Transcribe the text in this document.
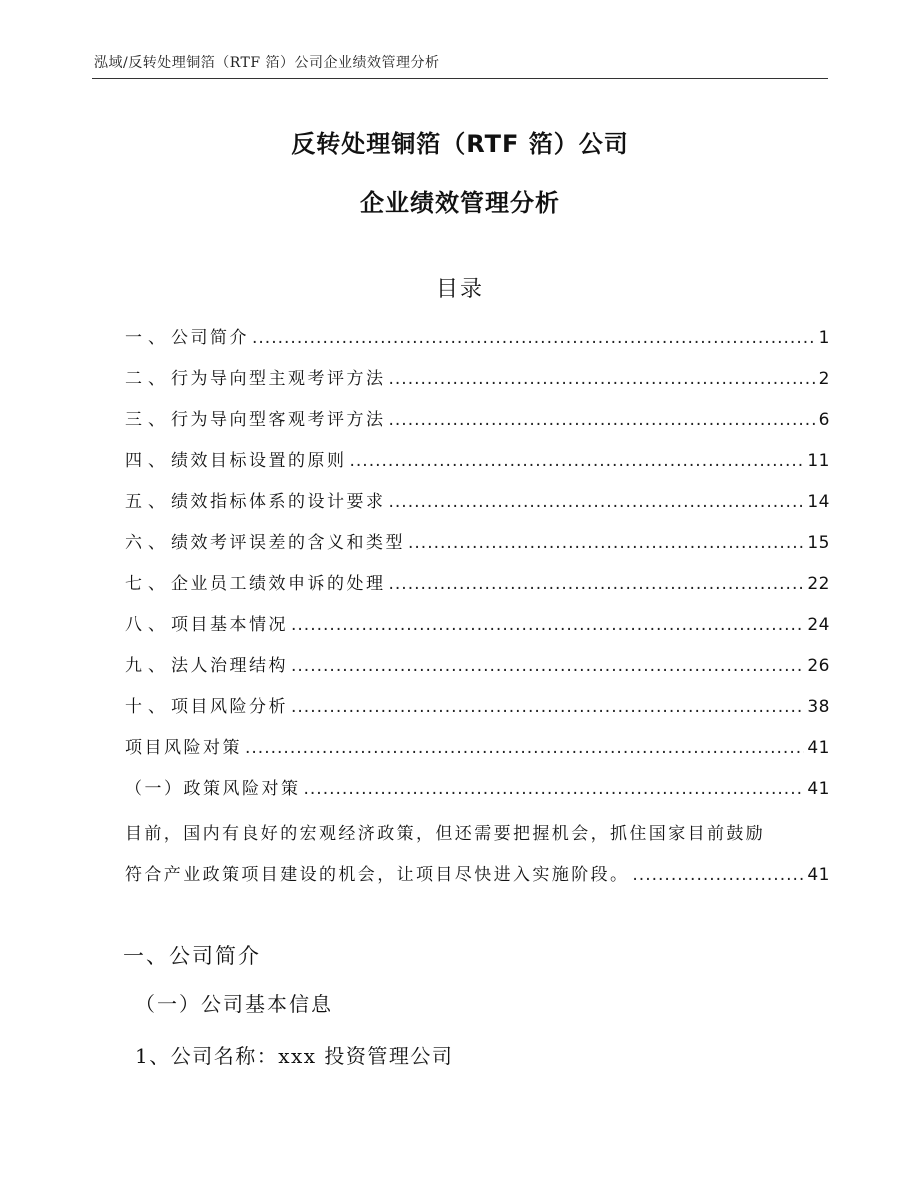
泓域/反转处理铜箔（RTF 箔）公司企业绩效管理分析
反转处理铜箔（RTF 箔）公司
企业绩效管理分析
目录
一、 公司简介 .....	1
二、 行为导向型主观考评方法 .....	2
三、 行为导向型客观考评方法 .....	6
四、 绩效目标设置的原则 .....	11
五、 绩效指标体系的设计要求 .....	14
六、 绩效考评误差的含义和类型 .....	15
七、 企业员工绩效申诉的处理 .....	22
八、 项目基本情况 .....	24
九、 法人治理结构 .....	26
十、 项目风险分析 .....	38
项目风险对策 .....	41
（一）政策风险对策 .....	41
目前，国内有良好的宏观经济政策，但还需要把握机会，抓住国家目前鼓励
符合产业政策项目建设的机会，让项目尽快进入实施阶段。 .....	41
一、公司简介
（一）公司基本信息
1、公司名称：xxx 投资管理公司
